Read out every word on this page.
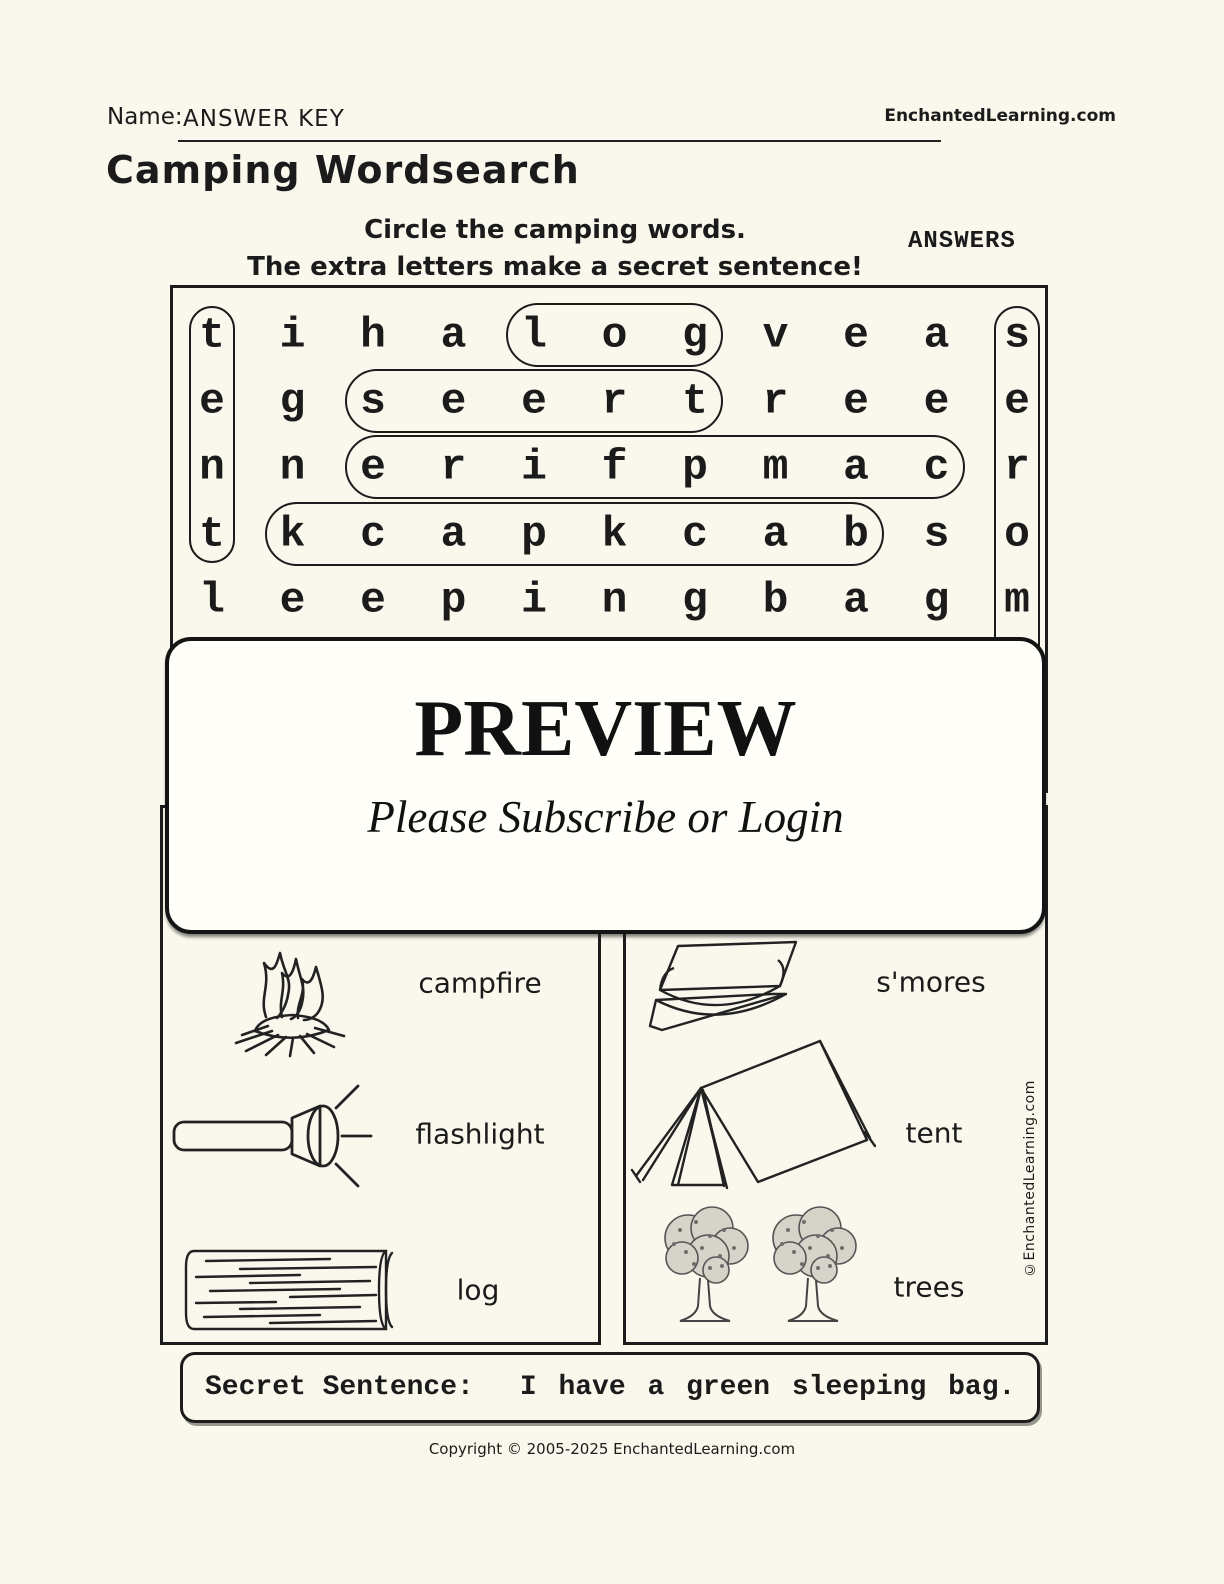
Name: ANSWER KEY	EnchantedLearning.com
Camping Wordsearch
Circle the camping words.
The extra letters make a secret sentence!
ANSWERS
t i h a l o g v e a s
e g s e e r t r e e e
n n e r i f p m a c r
t k c a p k c a b s o
l e e p i n g b a g m
campfire
flashlight
log
s'mores
tent
trees
©EnchantedLearning.com
PREVIEW
Please Subscribe or Login
Secret Sentence: I have a green sleeping bag.
Copyright © 2005-2025 EnchantedLearning.com
